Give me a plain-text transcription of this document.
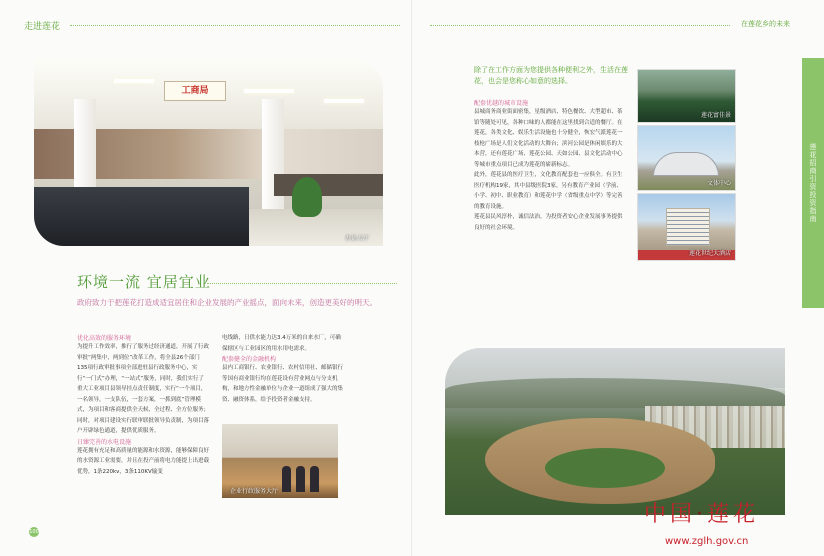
走进莲花	在莲花乡的未来
莲花招商引资投资指南
工商局
办证大厅
环境一流 宜居宜业
政府致力于把莲花打造成适宜居住和企业发展的产业摇点，面向未来，创造更美好的明天。
优化高效的服务环境
为提升工作效率，推行了服务过经济通道，开展了行政审批“两集中，两到位”改革工作，将全县26个部门135项行政审批事项全部进驻县行政服务中心，实行“一门式”办理，“一站式”服务，同时，我们实行了重大工业项目县领导挂点责任制度，实行“一个项目，一名领导，一支队伍，一套方案，一抓到底”管理模式，为项目和客商提供全天候、全过程、全方位服务；同时，对项目建设实行联审联批领导负责制，为项目落户开辟绿色通道，提供优质服务。
日臻完善的水电设施
莲花拥有充足和高质量的能源和水资源，能够保障良好的水资源工业需要，并且在投产前将电力能提上出进载优势，1条220kv，3条110KV输变
电线路，日供水能力达3.4万米的自来水厂，可确保辖区与工业园区的用水用电需求。
配套健全的金融机构
县内工商银行、农业银行、农村信用社、邮储银行等国有商业银行均在莲花设有营业网点与分支机构，和地方性金融单位与企业一道组成了强大的集资、融资体系，给予投资者金融支持。
企业行政服务大厅
100
除了在工作方面为您提供各种便利之外，生活在莲花，也会是您称心如意的选择。
配套优越的城市设施
县城商务商业街面密集，星级酒店、特色餐饮、大型超市、茶馆等随处可见，各种口味的人都能在这里找到合适的餐厅。在莲花，各类文化、娱乐生活设施也十分健全，恢宏气派莲花一枝枪广场是人们文化活动的大舞台；滨河公园是休闲娱乐的大本营，还有莲花广场、莲花公园、天如公园、县文化活动中心等城市重点项目已成为莲花的崭新标志。
此外，莲花县的医疗卫生，文化教育配套也一应俱全。有卫生医疗机构19家，其中县级医院3家，另有教育产业园（学前、小学、初中、职业教育）和莲花中学（省级重点中学）等完善的教育设施。
莲花县民风淳朴，诚信法治，为投资者安心企业发展事务提供良好的社会环境。
莲花富佳景
文体中心
莲花世纪大酒店
中国·莲花
www.zglh.gov.cn
